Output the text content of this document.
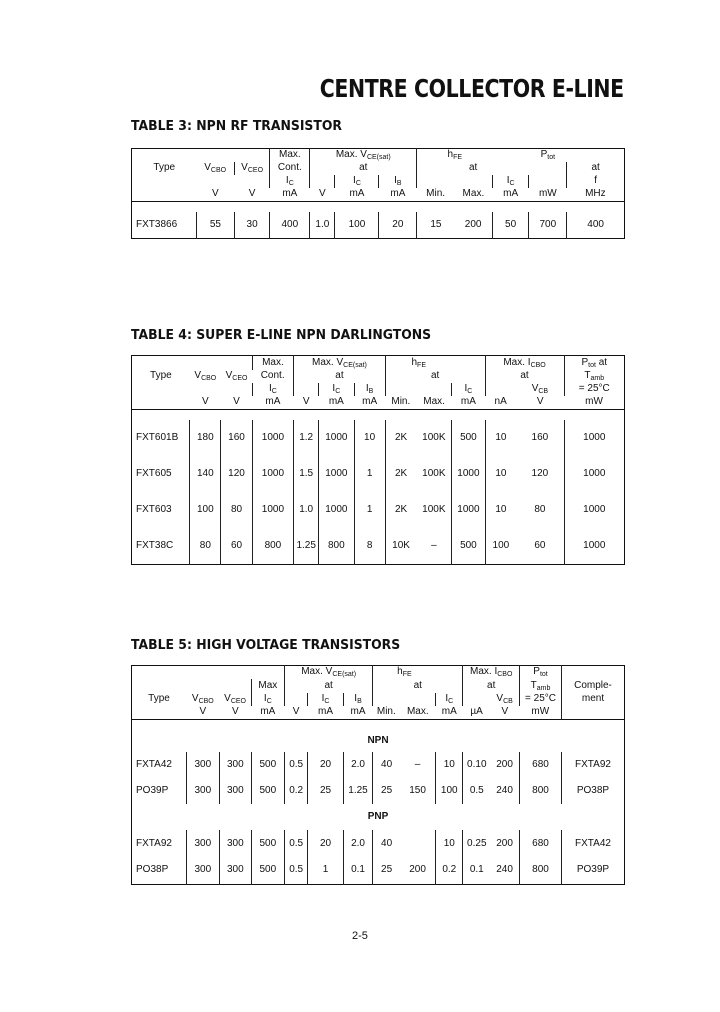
CENTRE COLLECTOR E-LINE
TABLE 3: NPN RF TRANSISTOR
			Max.	Max. $V_{CE(sat)}$			$h_{FE}$			$P_{tot}$	
Type	$V_{CBO}$	$V_{CEO}$	Cont.	at			at				at
			$I_C$		$I_C$	$I_B$			$I_C$		f
	V	V	mA	V	mA	mA	Min.	Max.	mA	mW	MHz

FXT3866	55	30	400	1.0	100	20	15	200	50	700	400
TABLE 4: SUPER E-LINE NPN DARLINGTONS
			Max.	Max. $V_{CE(sat)}$			$h_{FE}$			Max. $I_{CBO}$		$P_{tot}$ at
Type	$V_{CBO}$	$V_{CEO}$	Cont.	at			at			at		$T_{amb}$
			$I_C$		$I_C$	$I_B$			$I_C$		$V_{CB}$	= 25°C
	V	V	mA	V	mA	mA	Min.	Max.	mA	nA	V	mW

FXT601B	180	160	1000	1.2	1000	10	2K	100K	500	10	160	1000
FXT605	140	120	1000	1.5	1000	1	2K	100K	1000	10	120	1000
FXT603	100	80	1000	1.0	1000	1	2K	100K	1000	10	80	1000
FXT38C	80	60	800	1.25	800	8	10K	–	500	100	60	1000
TABLE 5: HIGH VOLTAGE TRANSISTORS
				Max. $V_{CE(sat)}$			$h_{FE}$			Max. $I_{CBO}$		$P_{tot}$	
			Max	at			at			at		$T_{amb}$	Comple-
Type	$V_{CBO}$	$V_{CEO}$	$I_C$		$I_C$	$I_B$			$I_C$		$V_{CB}$	= 25°C	ment
	V	V	mA	V	mA	mA	Min.	Max.	mA	µA	V	mW	

NPN													
FXTA42	300	300	500	0.5	20	2.0	40	–	10	0.10	200	680	FXTA92
PO39P	300	300	500	0.2	25	1.25	25	150	100	0.5	240	800	PO38P
PNP													
FXTA92	300	300	500	0.5	20	2.0	40		10	0.25	200	680	FXTA42
PO38P	300	300	500	0.5	1	0.1	25	200	0.2	0.1	240	800	PO39P
2-5
